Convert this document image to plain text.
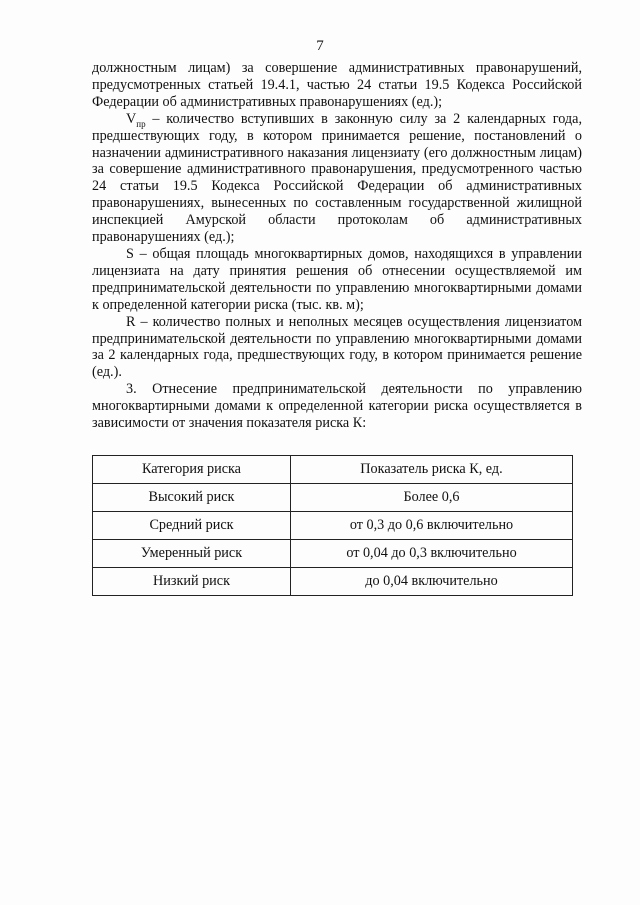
7

должностным лицам) за совершение административных правонарушений, предусмотренных статьей 19.4.1, частью 24 статьи 19.5 Кодекса Российской Федерации об административных правонарушениях (ед.);

$V_{пр}$ – количество вступивших в законную силу за 2 календарных года, предшествующих году, в котором принимается решение, постановлений о назначении административного наказания лицензиату (его должностным лицам) за совершение административного правонарушения, предусмотренного частью 24 статьи 19.5 Кодекса Российской Федерации об административных правонарушениях, вынесенных по составленным государственной жилищной инспекцией Амурской области протоколам об административных правонарушениях (ед.);

S – общая площадь многоквартирных домов, находящихся в управлении лицензиата на дату принятия решения об отнесении осуществляемой им предпринимательской деятельности по управлению многоквартирными домами к определенной категории риска (тыс. кв. м);

R – количество полных и неполных месяцев осуществления лицензиатом предпринимательской деятельности по управлению многоквартирными домами за 2 календарных года, предшествующих году, в котором принимается решение (ед.).

3. Отнесение предпринимательской деятельности по управлению многоквартирными домами к определенной категории риска осуществляется в зависимости от значения показателя риска К:

Категория риска	Показатель риска К, ед.
Высокий риск	Более 0,6
Средний риск	от 0,3 до 0,6 включительно
Умеренный риск	от 0,04 до 0,3 включительно
Низкий риск	до 0,04 включительно
